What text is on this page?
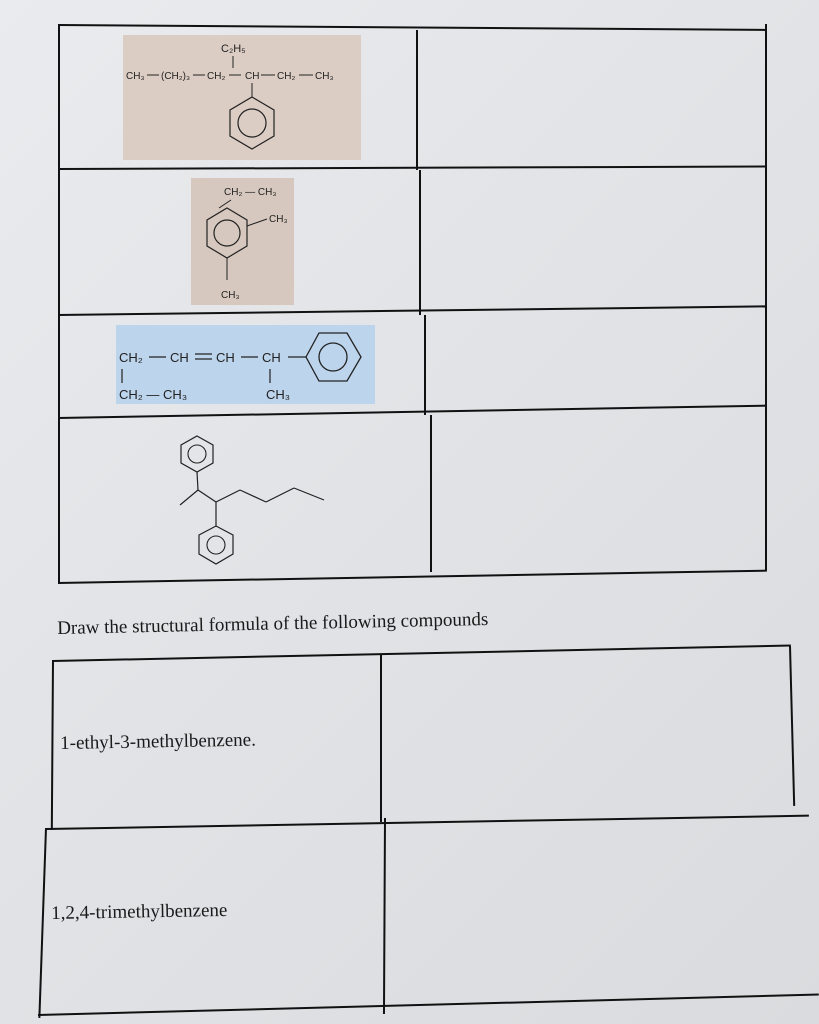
C₂H₅
CH₃ (CH₂)₃ CH₂ CH CH₂ CH₃
CH₂ — CH₃
CH₃
CH₃
CH₂ CH CH CH
CH₂ — CH₃	CH₃
Draw the structural formula of the following compounds
1-ethyl-3-methylbenzene.
1,2,4-trimethylbenzene
